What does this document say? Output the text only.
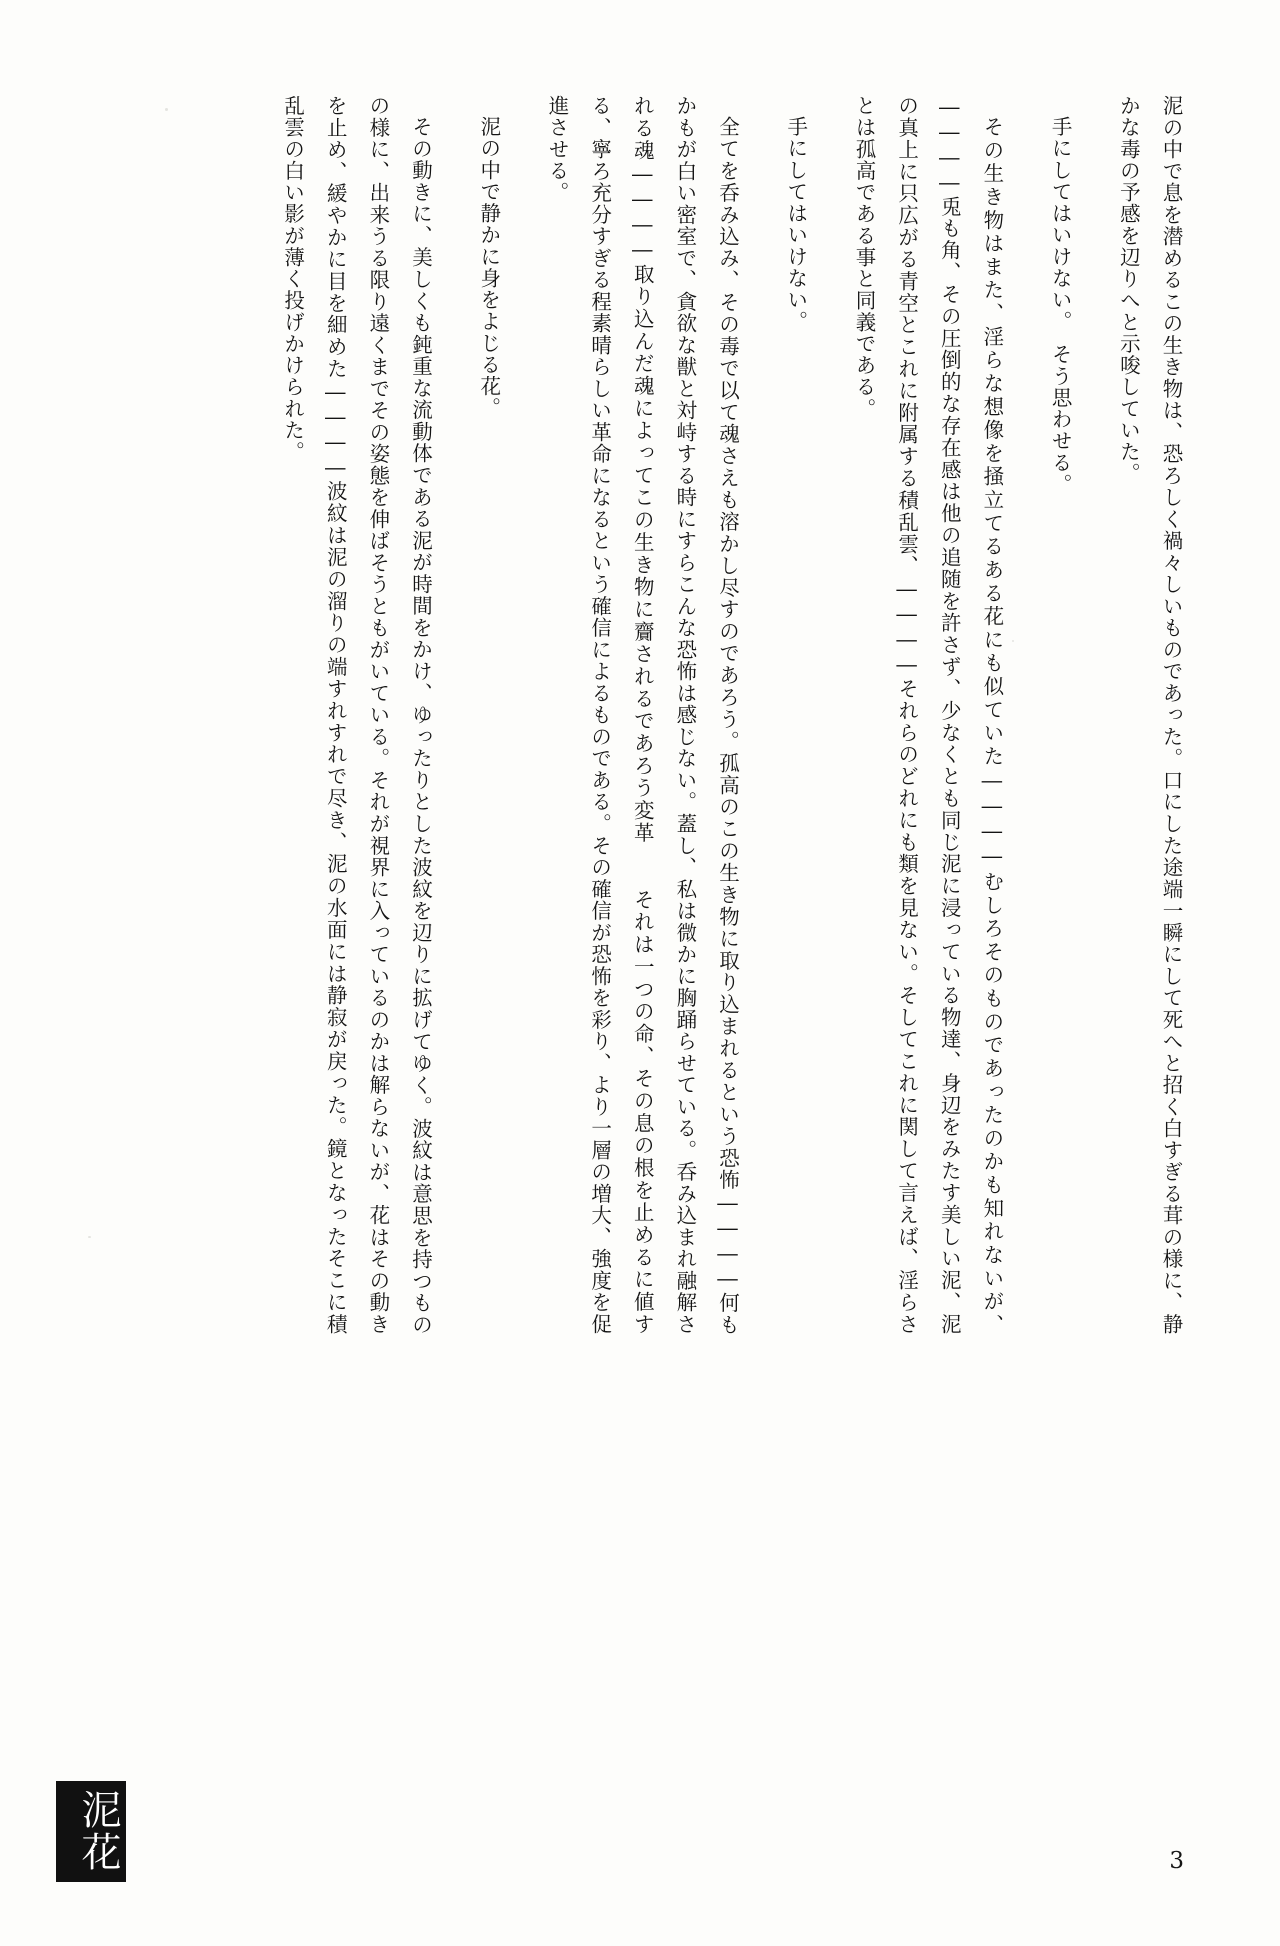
泥の中で息を潜めるこの生き物は、恐ろしく禍々しいものであった。口にした途端一瞬にして死へと招く白すぎる茸の様に、静かな毒の予感を辺りへと示唆していた。

手にしてはいけない。　そう思わせる。

その生き物はまた、淫らな想像を掻立てるある花にも似ていた――――むしろそのものであったのかも知れないが、――――兎も角、その圧倒的な存在感は他の追随を許さず、少なくとも同じ泥に浸っている物達、身辺をみたす美しい泥、泥の真上に只広がる青空とこれに附属する積乱雲、――――それらのどれにも類を見ない。そしてこれに関して言えば、淫らさとは孤高である事と同義である。

手にしてはいけない。

全てを呑み込み、その毒で以て魂さえも溶かし尽すのであろう。孤高のこの生き物に取り込まれるという恐怖――――何もかもが白い密室で、貪欲な獣と対峙する時にすらこんな恐怖は感じない。蓋し、私は微かに胸踊らせている。呑み込まれ融解される魂――――取り込んだ魂によってこの生き物に齎されるであろう変革　　それは一つの命、その息の根を止めるに値する、寧ろ充分すぎる程素晴らしい革命になるという確信によるものである。その確信が恐怖を彩り、より一層の増大、強度を促進させる。

泥の中で静かに身をよじる花。

その動きに、美しくも鈍重な流動体である泥が時間をかけ、ゆったりとした波紋を辺りに拡げてゆく。波紋は意思を持つものの様に、出来うる限り遠くまでその姿態を伸ばそうともがいている。それが視界に入っているのかは解らないが、花はその動きを止め、緩やかに目を細めた――――波紋は泥の溜りの端すれすれで尽き、泥の水面には静寂が戻った。鏡となったそこに積乱雲の白い影が薄く投げかけられた。

泥花	3
